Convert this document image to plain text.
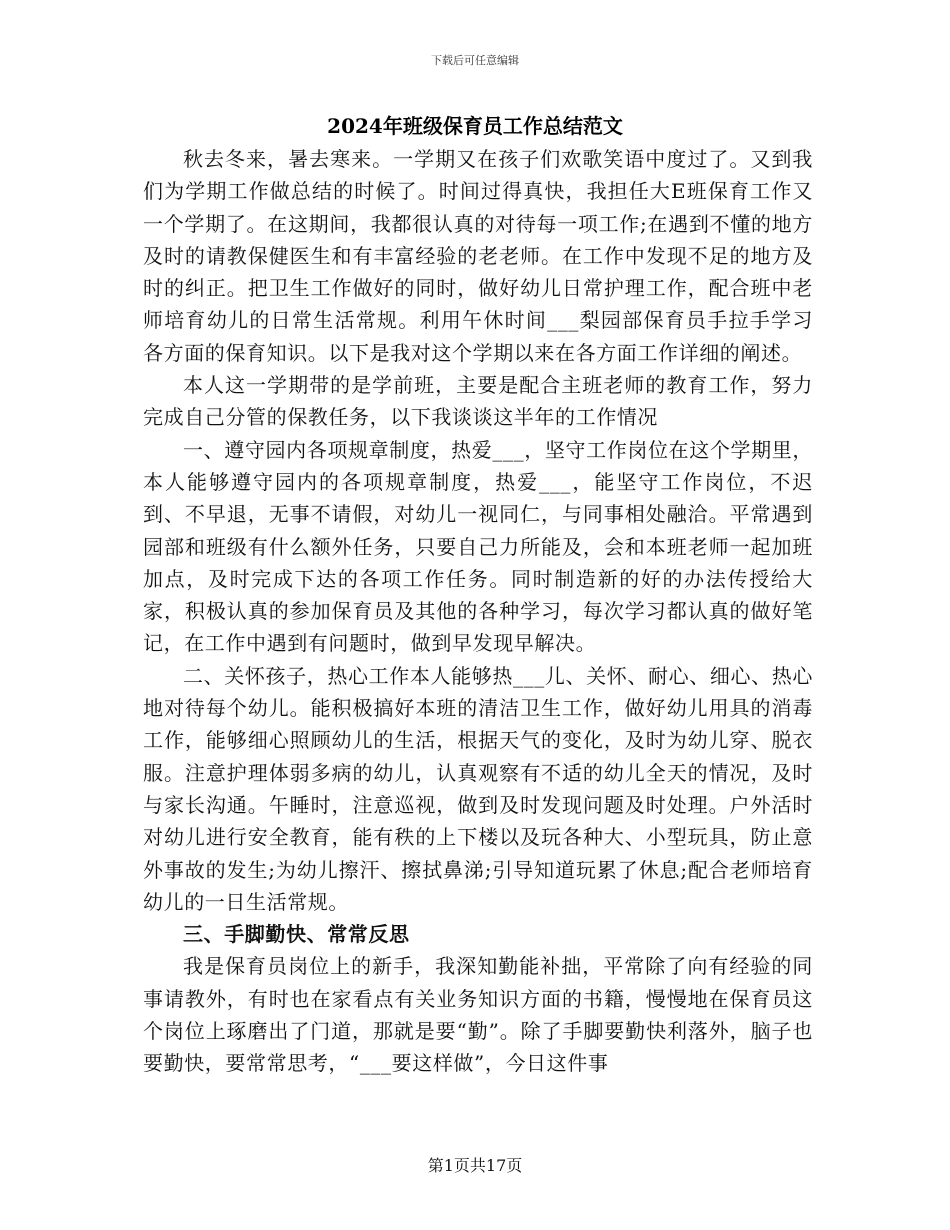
下载后可任意编辑
2024年班级保育员工作总结范文

秋去冬来，暑去寒来。一学期又在孩子们欢歌笑语中度过了。又到我们为学期工作做总结的时候了。时间过得真快，我担任大E班保育工作又一个学期了。在这期间，我都很认真的对待每一项工作;在遇到不懂的地方及时的请教保健医生和有丰富经验的老老师。在工作中发现不足的地方及时的纠正。把卫生工作做好的同时，做好幼儿日常护理工作，配合班中老师培育幼儿的日常生活常规。利用午休时间___梨园部保育员手拉手学习各方面的保育知识。以下是我对这个学期以来在各方面工作详细的阐述。

本人这一学期带的是学前班，主要是配合主班老师的教育工作，努力完成自己分管的保教任务，以下我谈谈这半年的工作情况

一、遵守园内各项规章制度，热爱___，坚守工作岗位在这个学期里，本人能够遵守园内的各项规章制度，热爱___，能坚守工作岗位，不迟到、不早退，无事不请假，对幼儿一视同仁，与同事相处融洽。平常遇到园部和班级有什么额外任务，只要自己力所能及，会和本班老师一起加班加点，及时完成下达的各项工作任务。同时制造新的好的办法传授给大家，积极认真的参加保育员及其他的各种学习，每次学习都认真的做好笔记，在工作中遇到有问题时，做到早发现早解决。

二、关怀孩子，热心工作本人能够热___儿、关怀、耐心、细心、热心地对待每个幼儿。能积极搞好本班的清洁卫生工作，做好幼儿用具的消毒工作，能够细心照顾幼儿的生活，根据天气的变化，及时为幼儿穿、脱衣服。注意护理体弱多病的幼儿，认真观察有不适的幼儿全天的情况，及时与家长沟通。午睡时，注意巡视，做到及时发现问题及时处理。户外活时对幼儿进行安全教育，能有秩的上下楼以及玩各种大、小型玩具，防止意外事故的发生;为幼儿擦汗、擦拭鼻涕;引导知道玩累了休息;配合老师培育幼儿的一日生活常规。

三、手脚勤快、常常反思

我是保育员岗位上的新手，我深知勤能补拙，平常除了向有经验的同事请教外，有时也在家看点有关业务知识方面的书籍，慢慢地在保育员这个岗位上琢磨出了门道，那就是要“勤”。除了手脚要勤快利落外，脑子也要勤快，要常常思考，“___要这样做”，今日这件事

第1页共17页
